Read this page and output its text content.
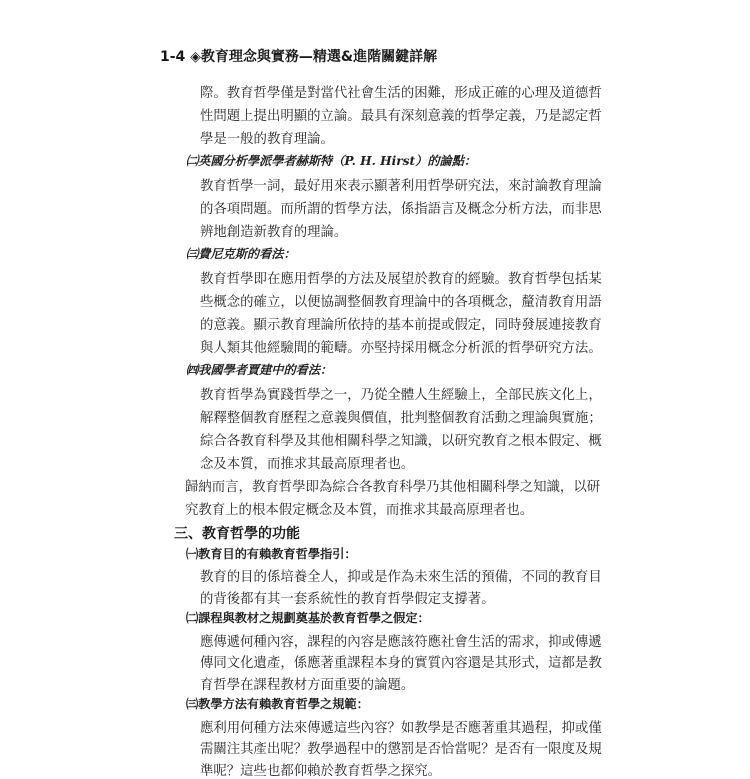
1-4 ◈教育理念與實務—精選&進階關鍵詳解
際。教育哲學僅是對當代社會生活的困難，形成正確的心理及道德哲
性問題上提出明顯的立論。最具有深刻意義的哲學定義，乃是認定哲
學是一般的教育理論。
㈡英國分析學派學者赫斯特（P. H. Hirst）的論點：
教育哲學一詞，最好用來表示顯著利用哲學研究法，來討論教育理論
的各項問題。而所謂的哲學方法，係指語言及概念分析方法，而非思
辨地創造新教育的理論。
㈢費尼克斯的看法：
教育哲學即在應用哲學的方法及展望於教育的經驗。教育哲學包括某
些概念的確立，以便協調整個教育理論中的各項概念，釐清教育用語
的意義。顯示教育理論所依持的基本前提或假定，同時發展連接教育
與人類其他經驗間的範疇。亦堅持採用概念分析派的哲學研究方法。
㈣我國學者賈建中的看法：
教育哲學為實踐哲學之一，乃從全體人生經驗上，全部民族文化上，
解釋整個教育歷程之意義與價值，批判整個教育活動之理論與實施；
綜合各教育科學及其他相關科學之知識，以研究教育之根本假定、概
念及本質，而推求其最高原理者也。
歸納而言，教育哲學即為綜合各教育科學乃其他相關科學之知識，以研
究教育上的根本假定概念及本質，而推求其最高原理者也。
三、教育哲學的功能
㈠教育目的有賴教育哲學指引：
教育的目的係培養全人，抑或是作為未來生活的預備，不同的教育目
的背後都有其一套系統性的教育哲學假定支撐著。
㈡課程與教材之規劃奠基於教育哲學之假定：
應傳遞何種內容，課程的內容是應該符應社會生活的需求，抑或傳遞
傳同文化遺產，係應著重課程本身的實質內容還是其形式，這都是教
育哲學在課程教材方面重要的論題。
㈢教學方法有賴教育哲學之規範：
應利用何種方法來傳遞這些內容？如教學是否應著重其過程，抑或僅
需關注其產出呢？教學過程中的懲罰是否恰當呢？是否有一限度及規
準呢？這些也都仰賴於教育哲學之探究。
